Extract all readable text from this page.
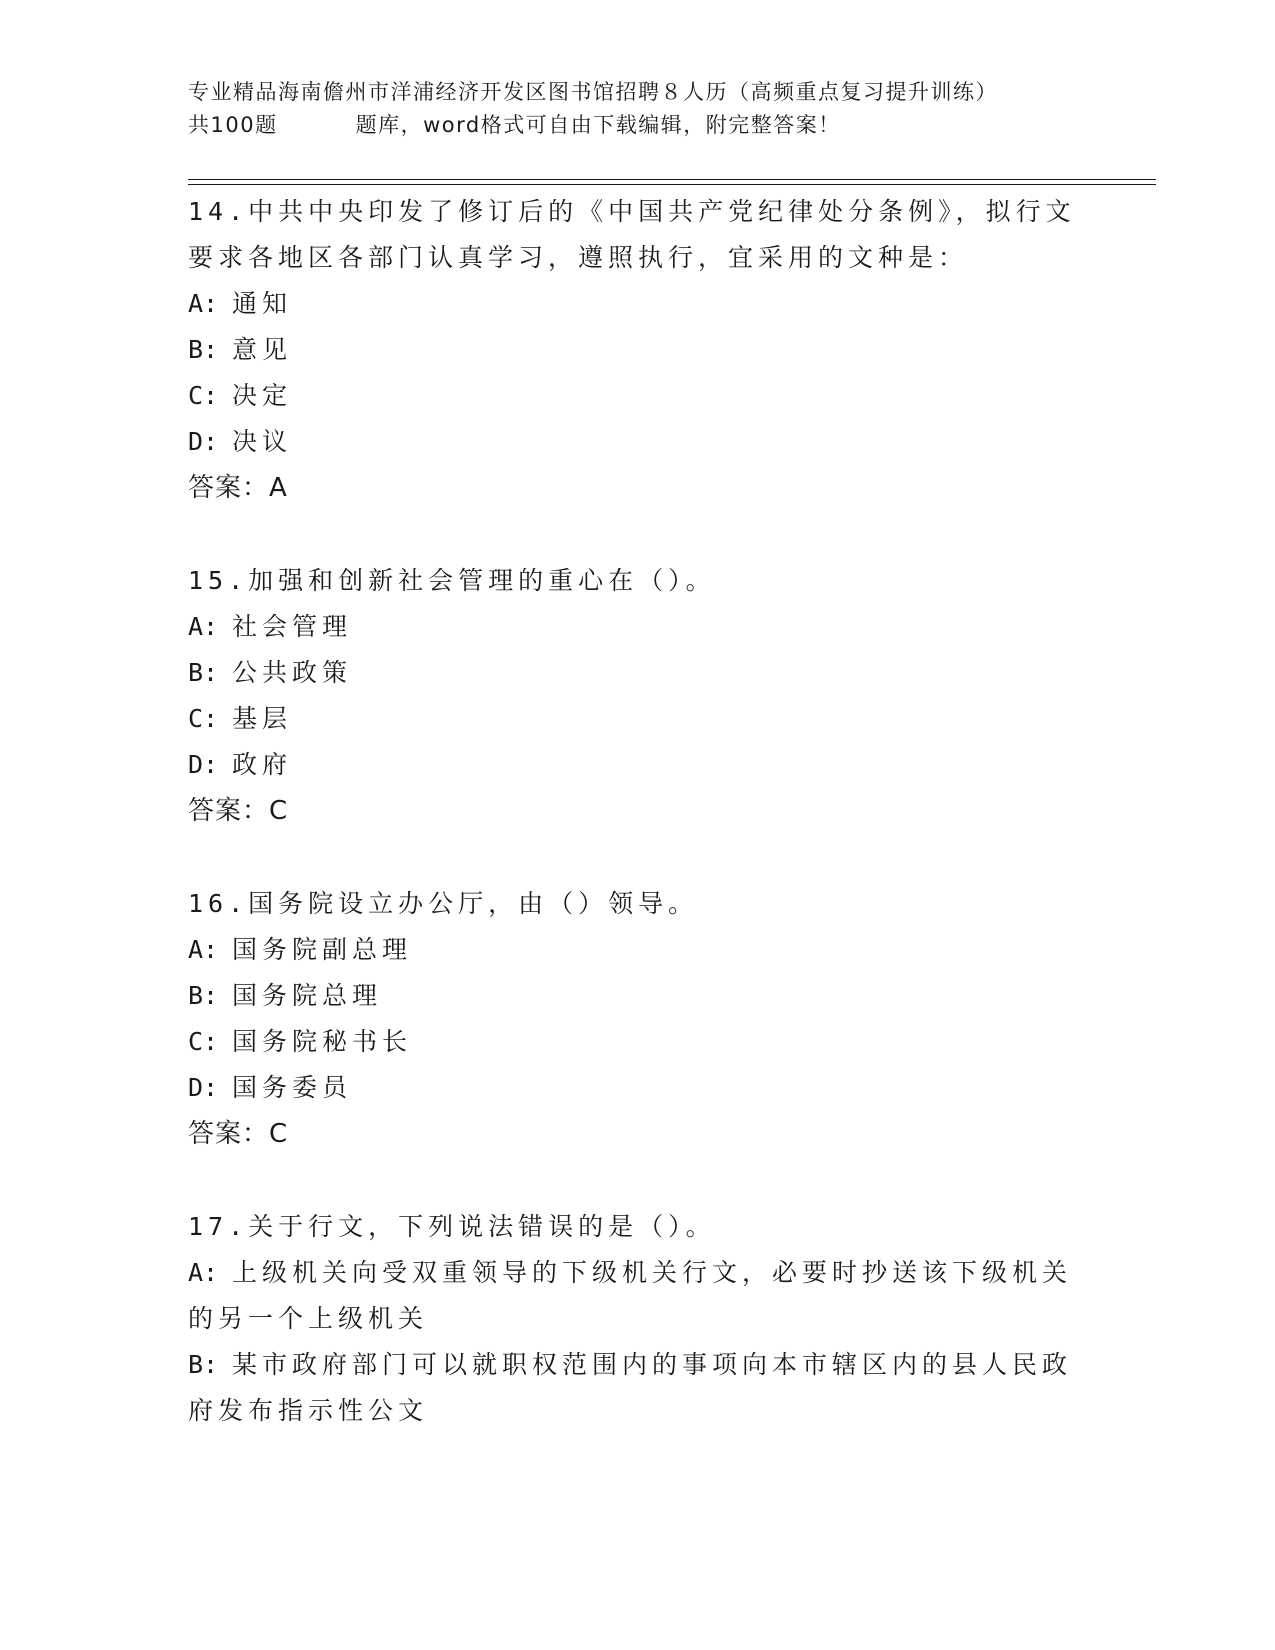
专业精品海南儋州市洋浦经济开发区图书馆招聘８人历（高频重点复习提升训练）
共100题	题库，word格式可自由下载编辑，附完整答案！
14.中共中央印发了修订后的《中国共产党纪律处分条例》，拟行文要求各地区各部门认真学习，遵照执行，宜采用的文种是：
A: 通知
B: 意见
C: 决定
D: 决议
答案：A
15.加强和创新社会管理的重心在（）。
A: 社会管理
B: 公共政策
C: 基层
D: 政府
答案：C
16.国务院设立办公厅，由（）领导。
A: 国务院副总理
B: 国务院总理
C: 国务院秘书长
D: 国务委员
答案：C
17.关于行文，下列说法错误的是（）。
A: 上级机关向受双重领导的下级机关行文，必要时抄送该下级机关的另一个上级机关
B: 某市政府部门可以就职权范围内的事项向本市辖区内的县人民政府发布指示性公文
